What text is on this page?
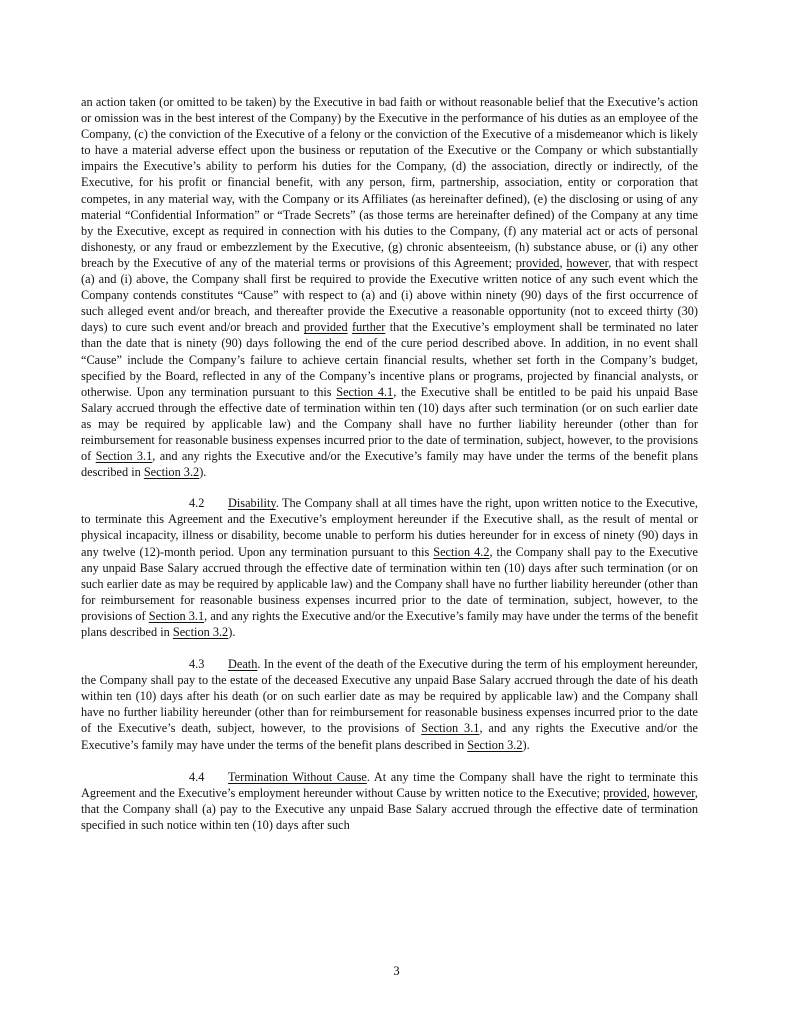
an action taken (or omitted to be taken) by the Executive in bad faith or without reasonable belief that the Executive’s action or omission was in the best interest of the Company) by the Executive in the performance of his duties as an employee of the Company, (c) the conviction of the Executive of a felony or the conviction of the Executive of a misdemeanor which is likely to have a material adverse effect upon the business or reputation of the Executive or the Company or which substantially impairs the Executive’s ability to perform his duties for the Company, (d) the association, directly or indirectly, of the Executive, for his profit or financial benefit, with any person, firm, partnership, association, entity or corporation that competes, in any material way, with the Company or its Affiliates (as hereinafter defined), (e) the disclosing or using of any material “Confidential Information” or “Trade Secrets” (as those terms are hereinafter defined) of the Company at any time by the Executive, except as required in connection with his duties to the Company, (f) any material act or acts of personal dishonesty, or any fraud or embezzlement by the Executive, (g) chronic absenteeism, (h) substance abuse, or (i) any other breach by the Executive of any of the material terms or provisions of this Agreement; provided, however, that with respect (a) and (i) above, the Company shall first be required to provide the Executive written notice of any such event which the Company contends constitutes “Cause” with respect to (a) and (i) above within ninety (90) days of the first occurrence of such alleged event and/or breach, and thereafter provide the Executive a reasonable opportunity (not to exceed thirty (30) days) to cure such event and/or breach and provided further that the Executive’s employment shall be terminated no later than the date that is ninety (90) days following the end of the cure period described above. In addition, in no event shall “Cause” include the Company’s failure to achieve certain financial results, whether set forth in the Company’s budget, specified by the Board, reflected in any of the Company’s incentive plans or programs, projected by financial analysts, or otherwise. Upon any termination pursuant to this Section 4.1, the Executive shall be entitled to be paid his unpaid Base Salary accrued through the effective date of termination within ten (10) days after such termination (or on such earlier date as may be required by applicable law) and the Company shall have no further liability hereunder (other than for reimbursement for reasonable business expenses incurred prior to the date of termination, subject, however, to the provisions of Section 3.1, and any rights the Executive and/or the Executive’s family may have under the terms of the benefit plans described in Section 3.2).

4.2 Disability. The Company shall at all times have the right, upon written notice to the Executive, to terminate this Agreement and the Executive’s employment hereunder if the Executive shall, as the result of mental or physical incapacity, illness or disability, become unable to perform his duties hereunder for in excess of ninety (90) days in any twelve (12)-month period. Upon any termination pursuant to this Section 4.2, the Company shall pay to the Executive any unpaid Base Salary accrued through the effective date of termination within ten (10) days after such termination (or on such earlier date as may be required by applicable law) and the Company shall have no further liability hereunder (other than for reimbursement for reasonable business expenses incurred prior to the date of termination, subject, however, to the provisions of Section 3.1, and any rights the Executive and/or the Executive’s family may have under the terms of the benefit plans described in Section 3.2).

4.3 Death. In the event of the death of the Executive during the term of his employment hereunder, the Company shall pay to the estate of the deceased Executive any unpaid Base Salary accrued through the date of his death within ten (10) days after his death (or on such earlier date as may be required by applicable law) and the Company shall have no further liability hereunder (other than for reimbursement for reasonable business expenses incurred prior to the date of the Executive’s death, subject, however, to the provisions of Section 3.1, and any rights the Executive and/or the Executive’s family may have under the terms of the benefit plans described in Section 3.2).

4.4 Termination Without Cause. At any time the Company shall have the right to terminate this Agreement and the Executive’s employment hereunder without Cause by written notice to the Executive; provided, however, that the Company shall (a) pay to the Executive any unpaid Base Salary accrued through the effective date of termination specified in such notice within ten (10) days after such

3
